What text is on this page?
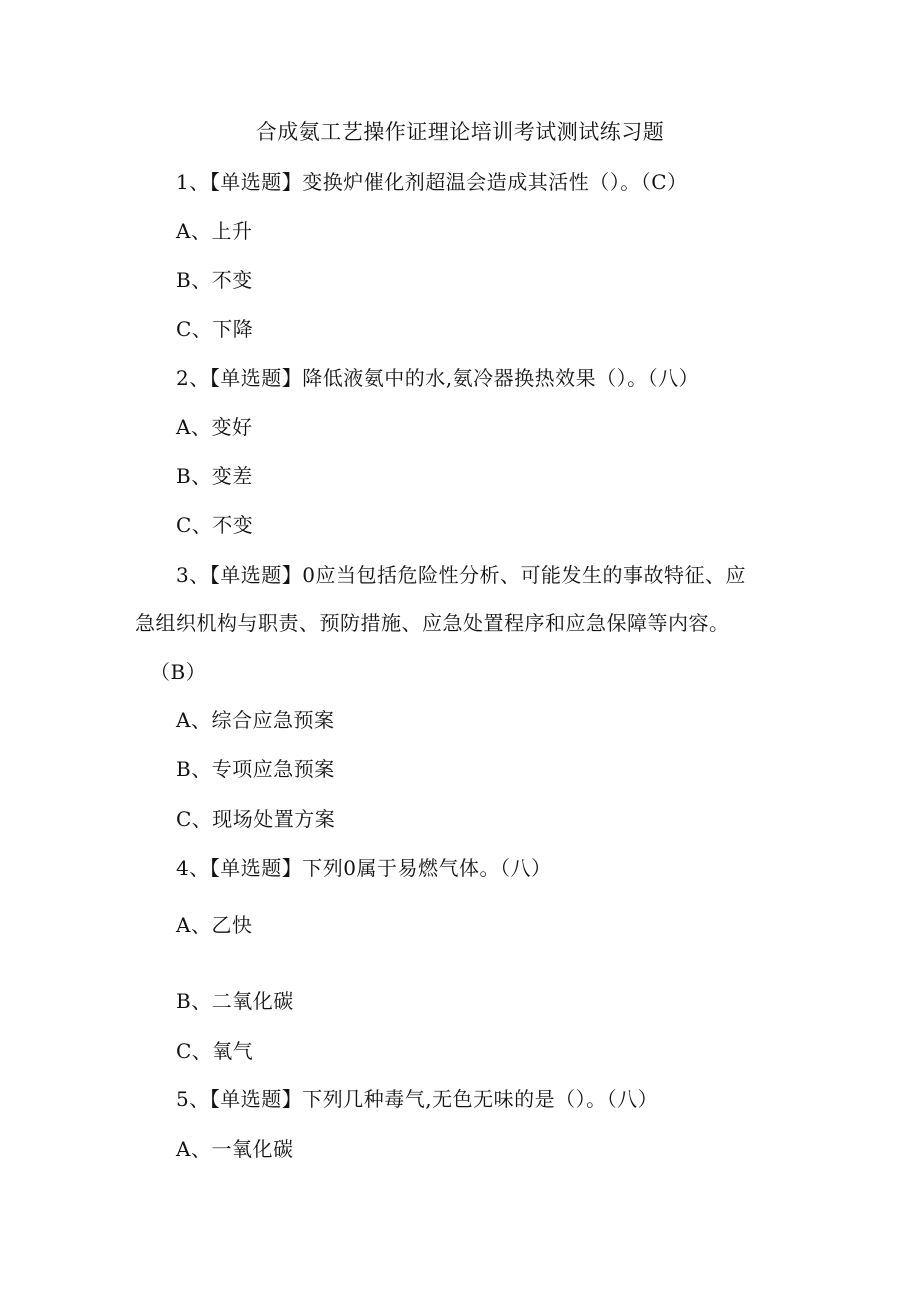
合成氨工艺操作证理论培训考试测试练习题
1、【单选题】变换炉催化剂超温会造成其活性（）。（C）
A、上升
B、不变
C、下降
2、【单选题】降低液氨中的水,氨冷器换热效果（）。（八）
A、变好
B、变差
C、不变
3、【单选题】0应当包括危险性分析、可能发生的事故特征、应
急组织机构与职责、预防措施、应急处置程序和应急保障等内容。
（B）
A、综合应急预案
B、专项应急预案
C、现场处置方案
4、【单选题】下列0属于易燃气体。（八）
A、乙快
B、二氧化碳
C、氧气
5、【单选题】下列几种毒气,无色无味的是（）。（八）
A、一氧化碳
